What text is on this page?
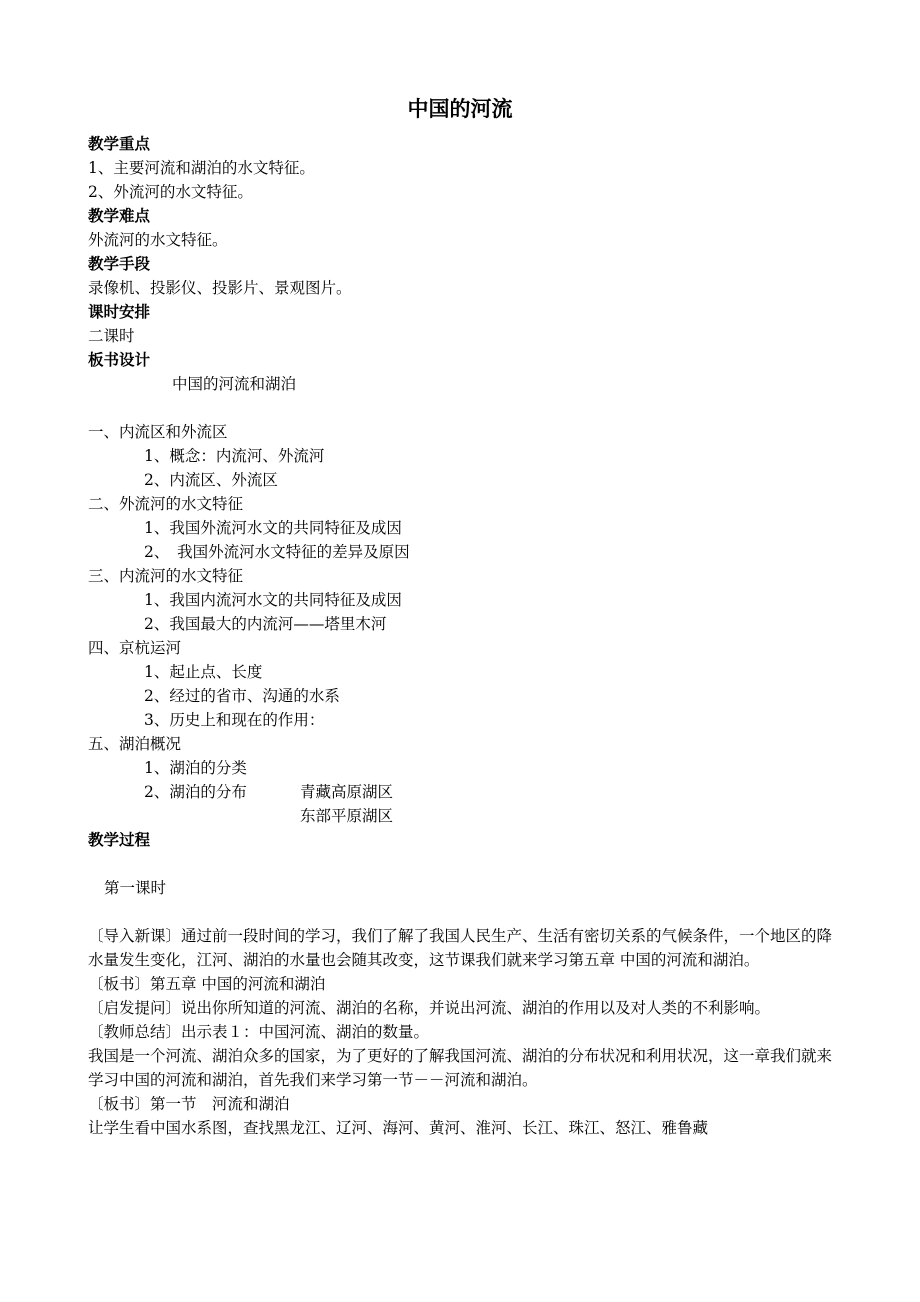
中国的河流
教学重点
1、主要河流和湖泊的水文特征。
2、外流河的水文特征。
教学难点
外流河的水文特征。
教学手段
录像机、投影仪、投影片、景观图片。
课时安排
二课时
板书设计
中国的河流和湖泊
一、内流区和外流区
1、概念：内流河、外流河
2、内流区、外流区
二、外流河的水文特征
1、我国外流河水文的共同特征及成因
2、　我国外流河水文特征的差异及原因
三、内流河的水文特征
1、我国内流河水文的共同特征及成因
2、我国最大的内流河——塔里木河
四、京杭运河
1、起止点、长度
2、经过的省市、沟通的水系
3、历史上和现在的作用：
五、湖泊概况
1、湖泊的分类
2、湖泊的分布	青藏高原湖区
东部平原湖区
教学过程
第一课时
〔导入新课〕通过前一段时间的学习，我们了解了我国人民生产、生活有密切关系的气候条件，一个地区的降水量发生变化，江河、湖泊的水量也会随其改变，这节课我们就来学习第五章 中国的河流和湖泊。
〔板书〕第五章 中国的河流和湖泊
〔启发提问〕说出你所知道的河流、湖泊的名称，并说出河流、湖泊的作用以及对人类的不利影响。
〔教师总结〕出示表１：中国河流、湖泊的数量。
我国是一个河流、湖泊众多的国家，为了更好的了解我国河流、湖泊的分布状况和利用状况，这一章我们就来学习中国的河流和湖泊，首先我们来学习第一节－－河流和湖泊。
〔板书〕第一节　河流和湖泊
让学生看中国水系图，查找黑龙江、辽河、海河、黄河、淮河、长江、珠江、怒江、雅鲁藏
